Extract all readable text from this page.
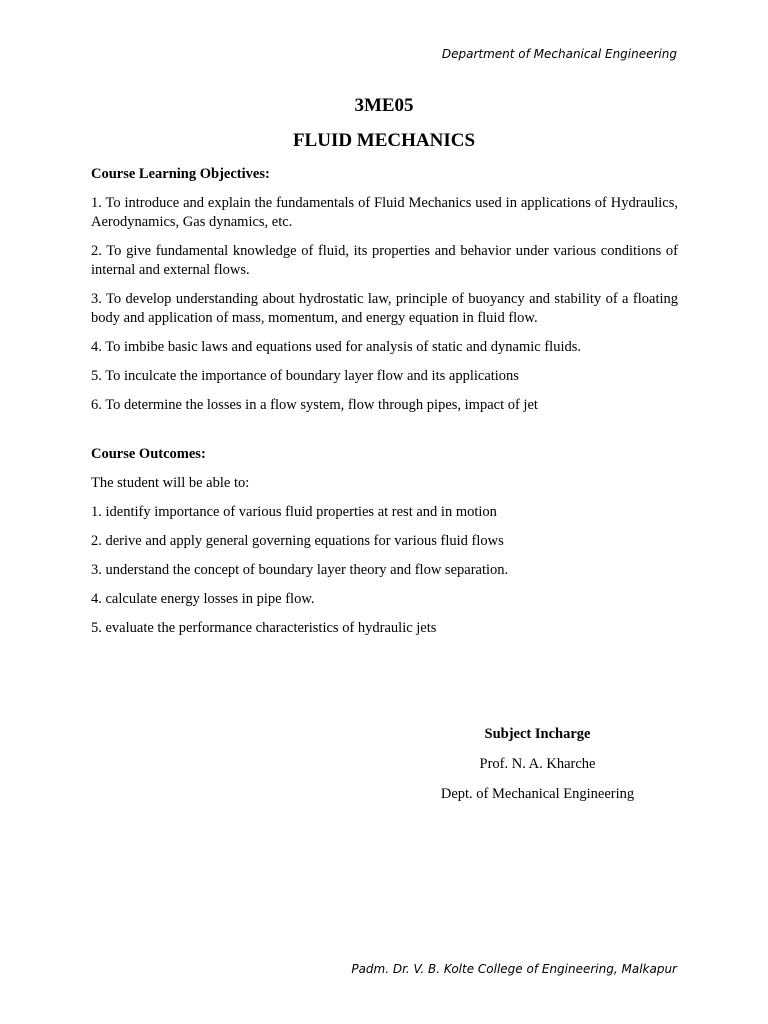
Department of Mechanical Engineering
3ME05
FLUID MECHANICS

Course Learning Objectives:

1. To introduce and explain the fundamentals of Fluid Mechanics used in applications of Hydraulics, Aerodynamics, Gas dynamics, etc.

2. To give fundamental knowledge of fluid, its properties and behavior under various conditions of internal and external flows.

3. To develop understanding about hydrostatic law, principle of buoyancy and stability of a floating body and application of mass, momentum, and energy equation in fluid flow.

4. To imbibe basic laws and equations used for analysis of static and dynamic fluids.

5. To inculcate the importance of boundary layer flow and its applications

6. To determine the losses in a flow system, flow through pipes, impact of jet

Course Outcomes:

The student will be able to:

1. identify importance of various fluid properties at rest and in motion

2. derive and apply general governing equations for various fluid flows

3. understand the concept of boundary layer theory and flow separation.

4. calculate energy losses in pipe flow.

5. evaluate the performance characteristics of hydraulic jets

Subject Incharge
Prof. N. A. Kharche
Dept. of Mechanical Engineering
Padm. Dr. V. B. Kolte College of Engineering, Malkapur
